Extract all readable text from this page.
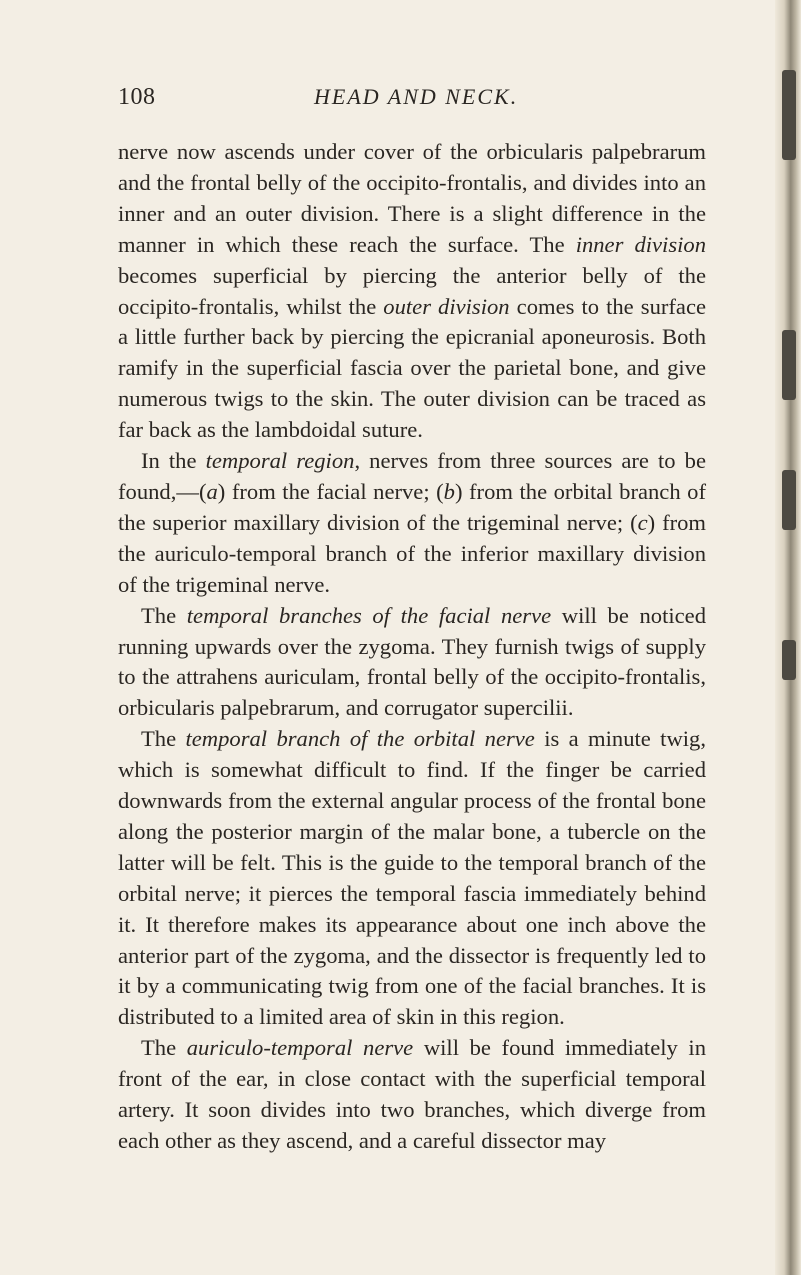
108	HEAD AND NECK.

nerve now ascends under cover of the orbicularis palpebrarum and the frontal belly of the occipito-frontalis, and divides into an inner and an outer division. There is a slight difference in the manner in which these reach the surface. The inner division becomes superficial by piercing the anterior belly of the occipito-frontalis, whilst the outer division comes to the surface a little further back by piercing the epicranial aponeurosis. Both ramify in the superficial fascia over the parietal bone, and give numerous twigs to the skin. The outer division can be traced as far back as the lambdoidal suture.

In the temporal region, nerves from three sources are to be found,—(a) from the facial nerve; (b) from the orbital branch of the superior maxillary division of the trigeminal nerve; (c) from the auriculo-temporal branch of the inferior maxillary division of the trigeminal nerve.

The temporal branches of the facial nerve will be noticed running upwards over the zygoma. They furnish twigs of supply to the attrahens auriculam, frontal belly of the occipito-frontalis, orbicularis palpebrarum, and corrugator supercilii.

The temporal branch of the orbital nerve is a minute twig, which is somewhat difficult to find. If the finger be carried downwards from the external angular process of the frontal bone along the posterior margin of the malar bone, a tubercle on the latter will be felt. This is the guide to the temporal branch of the orbital nerve; it pierces the temporal fascia immediately behind it. It therefore makes its appearance about one inch above the anterior part of the zygoma, and the dissector is frequently led to it by a communicating twig from one of the facial branches. It is distributed to a limited area of skin in this region.

The auriculo-temporal nerve will be found immediately in front of the ear, in close contact with the superficial temporal artery. It soon divides into two branches, which diverge from each other as they ascend, and a careful dissector may
